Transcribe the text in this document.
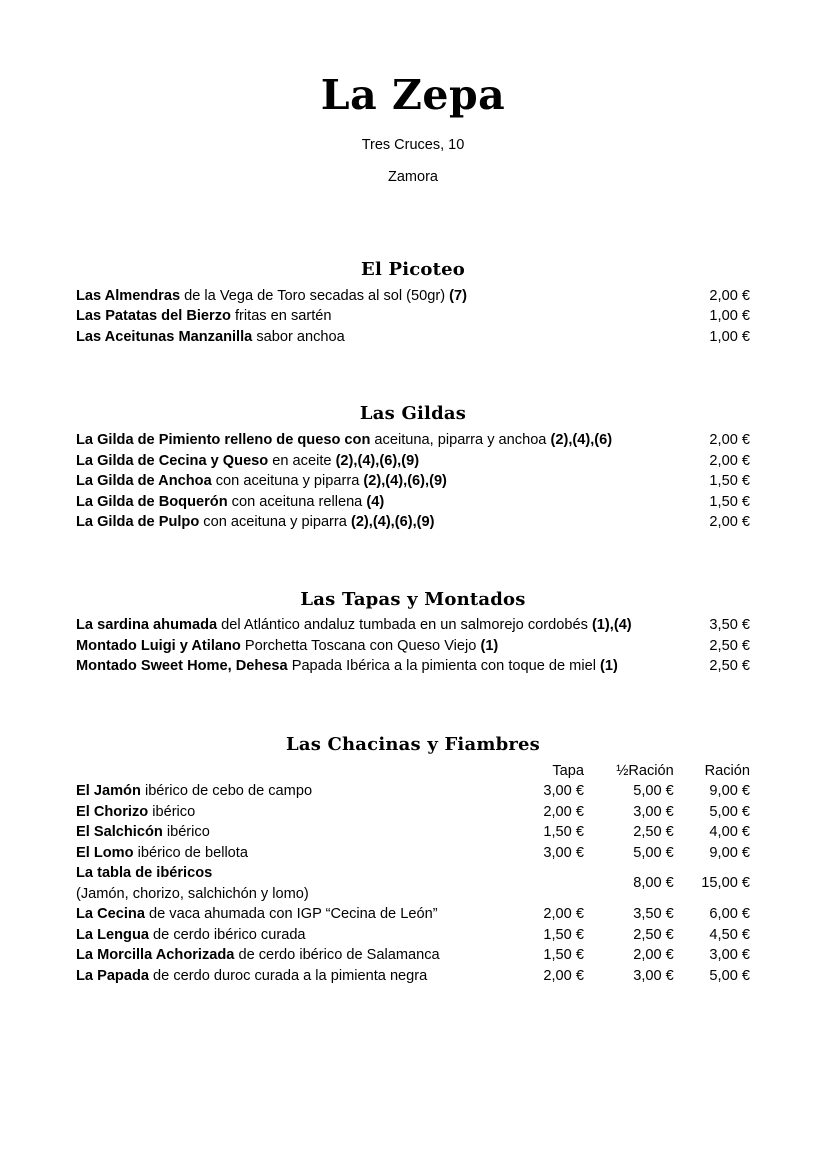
La Zepa
Tres Cruces, 10
Zamora
El Picoteo
Las Almendras de la Vega de Toro secadas al sol (50gr) (7)	2,00 €
Las Patatas del Bierzo fritas en sartén	1,00 €
Las Aceitunas Manzanilla sabor anchoa	1,00 €
Las Gildas
La Gilda de Pimiento relleno de queso con aceituna, piparra y anchoa (2),(4),(6)	2,00 €
La Gilda de Cecina y Queso en aceite (2),(4),(6),(9)	2,00 €
La Gilda de Anchoa con aceituna y piparra (2),(4),(6),(9)	1,50 €
La Gilda de Boquerón con aceituna rellena (4)	1,50 €
La Gilda de Pulpo con aceituna y piparra (2),(4),(6),(9)	2,00 €
Las Tapas y Montados
La sardina ahumada del Atlántico andaluz tumbada en un salmorejo cordobés (1),(4)	3,50 €
Montado Luigi y Atilano Porchetta Toscana con Queso Viejo (1)	2,50 €
Montado Sweet Home, Dehesa Papada Ibérica a la pimienta con toque de miel (1)	2,50 €
Las Chacinas y Fiambres
	Tapa	½Ración	Ración
El Jamón ibérico de cebo de campo	3,00 €	5,00 €	9,00 €
El Chorizo ibérico	2,00 €	3,00 €	5,00 €
El Salchicón ibérico	1,50 €	2,50 €	4,00 €
El Lomo ibérico de bellota	3,00 €	5,00 €	9,00 €
La tabla de ibéricos
(Jamón, chorizo, salchichón y lomo)		8,00 €	15,00 €
La Cecina de vaca ahumada con IGP “Cecina de León”	2,00 €	3,50 €	6,00 €
La Lengua de cerdo ibérico curada	1,50 €	2,50 €	4,50 €
La Morcilla Achorizada de cerdo ibérico de Salamanca	1,50 €	2,00 €	3,00 €
La Papada de cerdo duroc curada a la pimienta negra	2,00 €	3,00 €	5,00 €
